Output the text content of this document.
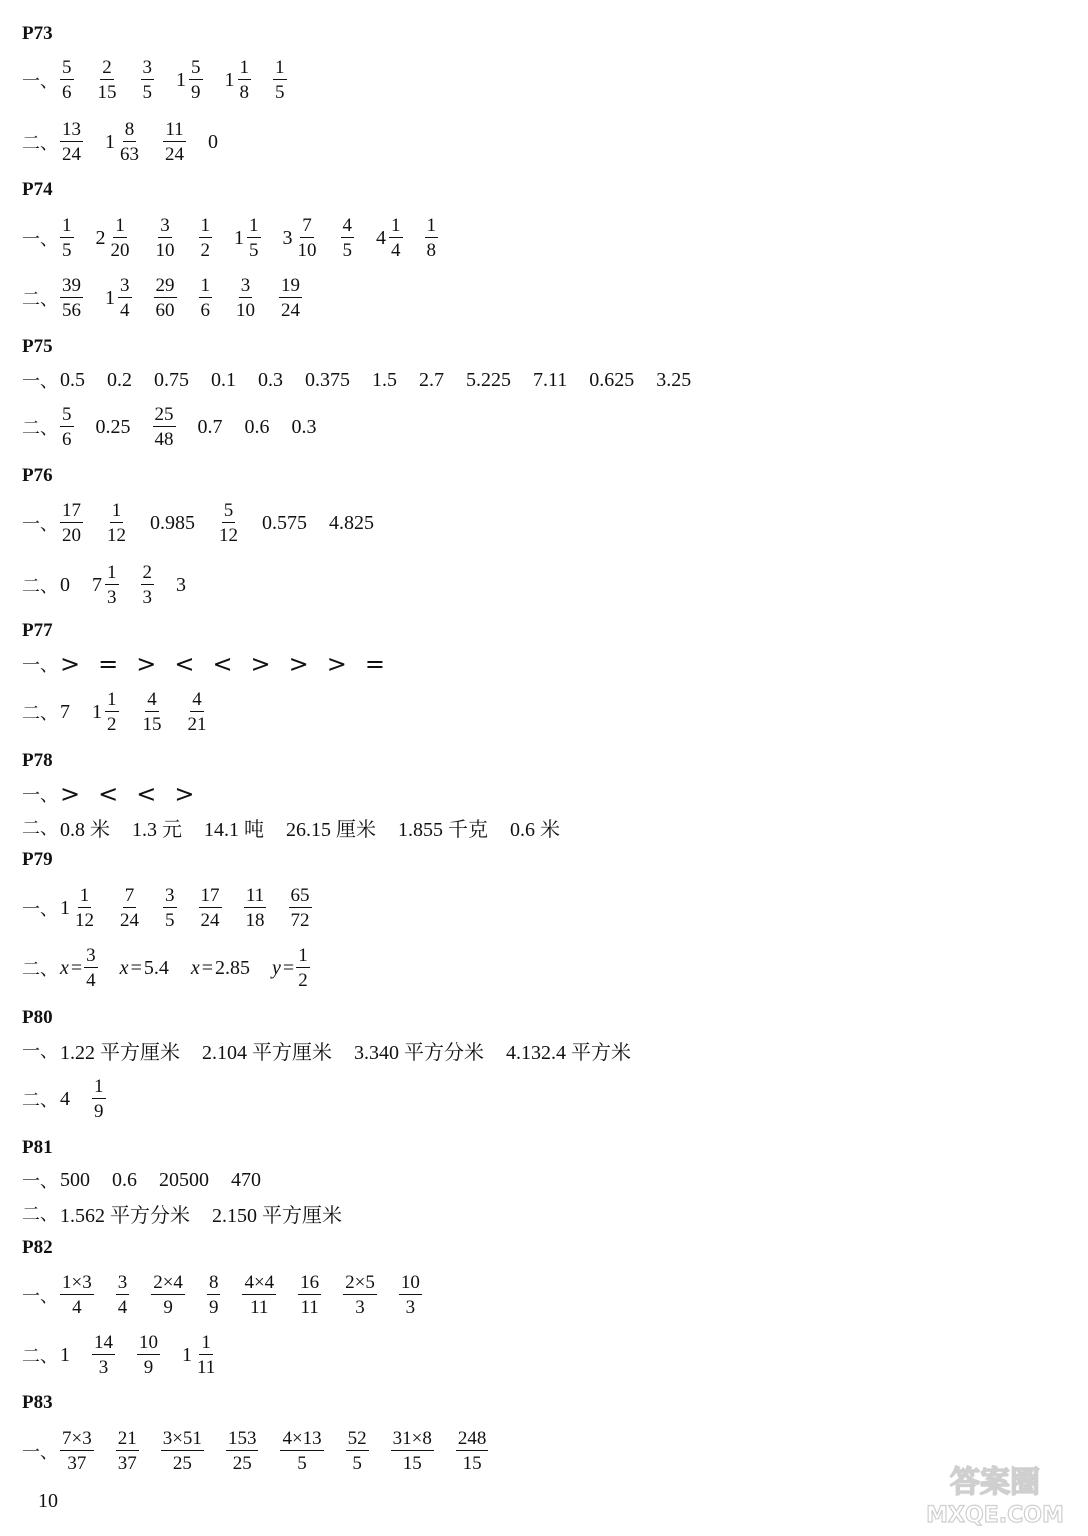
P73
一、 $\frac{5}{6} \frac{2}{15} \frac{3}{5} 1 \frac{5}{9} 1 \frac{1}{8} \frac{1}{5}$
二、 $\frac{13}{24} 1 \frac{8}{63} \frac{11}{24} 0$
P74
一、 $\frac{1}{5} 2 \frac{1}{20} \frac{3}{10} \frac{1}{2} 1 \frac{1}{5} 3 \frac{7}{10} \frac{4}{5} 4 \frac{1}{4} \frac{1}{8}$
二、 $\frac{39}{56} 1 \frac{3}{4} \frac{29}{60} \frac{1}{6} \frac{3}{10} \frac{19}{24}$
P75
一、 0.5 0.2 0.75 0.1 0.3 0.375 1.5 2.7 5.225 7.11 0.625 3.25
二、 $\frac{5}{6} 0.25 \frac{25}{48} 0.7$ 0.6 0.3
P76
一、 $\frac{17}{20} \frac{1}{12} 0.985 \frac{5}{12} 0.575$ 4.825
二、 0 $7 \frac{1}{3} \frac{2}{3} 3$
P77
一、 > = > < < > > > =
二、 7 $1 \frac{1}{2} \frac{4}{15} \frac{4}{21}$
P78
一、 > < < >
二、 0.8 米 1.3 元 14.1 吨 26.15 厘米 1.855 千克 0.6 米
P79
一、 $1 \frac{1}{12} \frac{7}{24} \frac{3}{5} \frac{17}{24} \frac{11}{18} \frac{65}{72}$
二、 $x = \frac{3}{4}$ x = 5.4 x = 2.85 $y = \frac{1}{2}$
P80
一、 1.22 平方厘米 2.104 平方厘米 3.340 平方分米 4.132.4 平方米
二、 $4 \frac{1}{9}$
P81
一、 500 0.6 20500 470
二、 1.562 平方分米 2.150 平方厘米
P82
一、 $\frac{1\times 3}{4} \frac{3}{4} \frac{2\times 4}{9} \frac{8}{9} \frac{4\times 4}{11} \frac{16}{11} \frac{2\times 5}{3} \frac{10}{3}$
二、 $1 \frac{14}{3} \frac{10}{9} 1 \frac{1}{11}$
P83
一、 $\frac{7\times 3}{37} \frac{21}{37} \frac{3\times 51}{25} \frac{153}{25} \frac{4\times 13}{5} \frac{52}{5} \frac{31\times 8}{15} \frac{248}{15}$
10
答案圈
MXQE.COM
